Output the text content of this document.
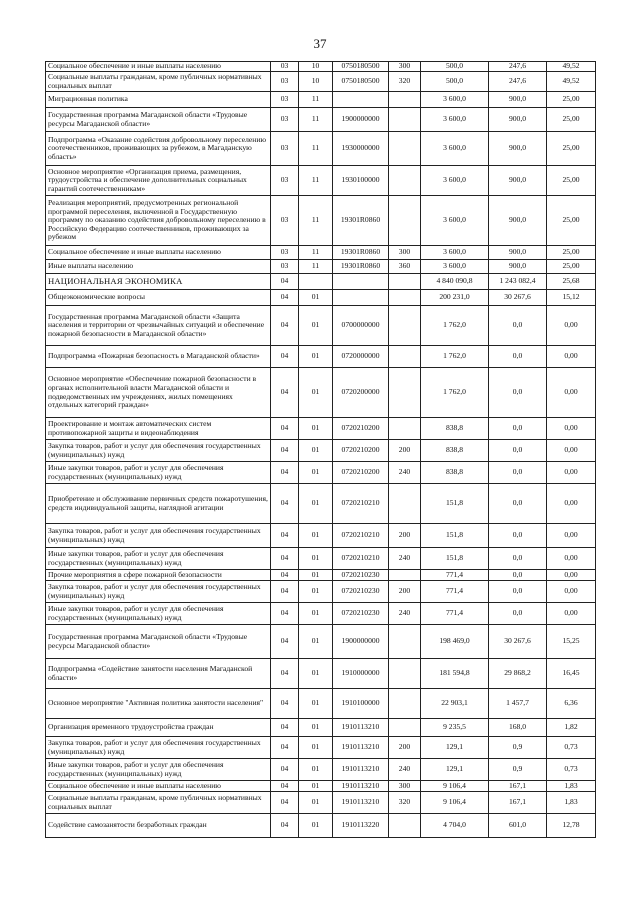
37
Социальное обеспечение и иные выплаты населению	03	10	0750180500	300	500,0	247,6	49,52
Социальные выплаты гражданам, кроме публичных нормативных социальных выплат	03	10	0750180500	320	500,0	247,6	49,52
Миграционная политика	03	11			3 600,0	900,0	25,00
Государственная программа Магаданской области «Трудовые ресурсы Магаданской области»	03	11	1900000000		3 600,0	900,0	25,00
Подпрограмма «Оказание содействия добровольному переселению соотечественников, проживающих за рубежом, в Магаданскую область»	03	11	1930000000		3 600,0	900,0	25,00
Основное мероприятие «Организация приема, размещения, трудоустройства и обеспечение дополнительных социальных гарантий соотечественникам»	03	11	1930100000		3 600,0	900,0	25,00
Реализация мероприятий, предусмотренных региональной программой переселения, включенной в Государственную программу по оказанию содействия добровольному переселению в Российскую Федерацию соотечественников, проживающих за рубежом	03	11	19301R0860		3 600,0	900,0	25,00
Социальное обеспечение и иные выплаты населению	03	11	19301R0860	300	3 600,0	900,0	25,00
Иные выплаты населению	03	11	19301R0860	360	3 600,0	900,0	25,00
НАЦИОНАЛЬНАЯ ЭКОНОМИКА	04				4 840 090,8	1 243 082,4	25,68
Общеэкономические вопросы	04	01			200 231,0	30 267,6	15,12
Государственная программа Магаданской области «Защита населения и территории от чрезвычайных ситуаций и обеспечение пожарной безопасности в Магаданской области»	04	01	0700000000		1 762,0	0,0	0,00
Подпрограмма «Пожарная безопасность в Магаданской области»	04	01	0720000000		1 762,0	0,0	0,00
Основное мероприятие «Обеспечение пожарной безопасности в органах исполнительной власти Магаданской области и подведомственных им учреждениях, жилых помещениях отдельных категорий граждан»	04	01	0720200000		1 762,0	0,0	0,00
Проектирование и монтаж автоматических систем противопожарной защиты и видеонаблюдения	04	01	0720210200		838,8	0,0	0,00
Закупка товаров, работ и услуг для обеспечения государственных (муниципальных) нужд	04	01	0720210200	200	838,8	0,0	0,00
Иные закупки товаров, работ и услуг для обеспечения государственных (муниципальных) нужд	04	01	0720210200	240	838,8	0,0	0,00
Приобретение и обслуживание первичных средств пожаротушения, средств индивидуальной защиты, наглядной агитации	04	01	0720210210		151,8	0,0	0,00
Закупка товаров, работ и услуг для обеспечения государственных (муниципальных) нужд	04	01	0720210210	200	151,8	0,0	0,00
Иные закупки товаров, работ и услуг для обеспечения государственных (муниципальных) нужд	04	01	0720210210	240	151,8	0,0	0,00
Прочие мероприятия в сфере пожарной безопасности	04	01	0720210230		771,4	0,0	0,00
Закупка товаров, работ и услуг для обеспечения государственных (муниципальных) нужд	04	01	0720210230	200	771,4	0,0	0,00
Иные закупки товаров, работ и услуг для обеспечения государственных (муниципальных) нужд	04	01	0720210230	240	771,4	0,0	0,00
Государственная программа Магаданской области «Трудовые ресурсы Магаданской области»	04	01	1900000000		198 469,0	30 267,6	15,25
Подпрограмма «Содействие занятости населения Магаданской области»	04	01	1910000000		181 594,8	29 868,2	16,45
Основное мероприятие "Активная политика занятости населения"	04	01	1910100000		22 903,1	1 457,7	6,36
Организация временного трудоустройства граждан	04	01	1910113210		9 235,5	168,0	1,82
Закупка товаров, работ и услуг для обеспечения государственных (муниципальных) нужд	04	01	1910113210	200	129,1	0,9	0,73
Иные закупки товаров, работ и услуг для обеспечения государственных (муниципальных) нужд	04	01	1910113210	240	129,1	0,9	0,73
Социальное обеспечение и иные выплаты населению	04	01	1910113210	300	9 106,4	167,1	1,83
Социальные выплаты гражданам, кроме публичных нормативных социальных выплат	04	01	1910113210	320	9 106,4	167,1	1,83
Содействие самозанятости безработных граждан	04	01	1910113220		4 704,0	601,0	12,78
